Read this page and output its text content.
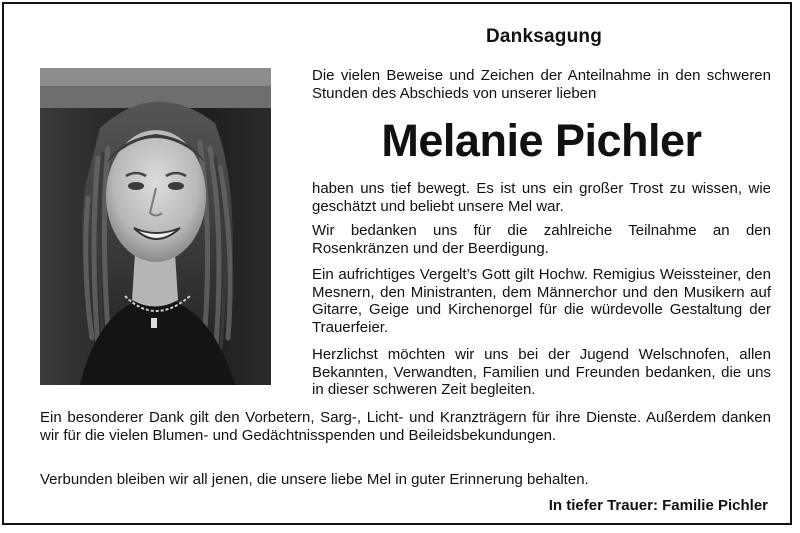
Danksagung

Die vielen Beweise und Zeichen der Anteilnahme in den schweren Stunden des Abschieds von unserer lieben

Melanie Pichler

haben uns tief bewegt. Es ist uns ein großer Trost zu wissen, wie geschätzt und beliebt unsere Mel war.

Wir bedanken uns für die zahlreiche Teilnahme an den Rosenkränzen und der Beerdigung.

Ein aufrichtiges Vergelt’s Gott gilt Hochw. Remigius Weissteiner, den Mesnern, den Ministranten, dem Männerchor und den Musikern auf Gitarre, Geige und Kirchenorgel für die würdevolle Gestaltung der Trauerfeier.

Herzlichst möchten wir uns bei der Jugend Welschnofen, allen Bekannten, Verwandten, Familien und Freunden bedanken, die uns in dieser schweren Zeit begleiten.

Ein besonderer Dank gilt den Vorbetern, Sarg-, Licht- und Kranzträgern für ihre Dienste. Außerdem danken wir für die vielen Blumen- und Gedächtnisspenden und Beileidsbekundungen.

Verbunden bleiben wir all jenen, die unsere liebe Mel in guter Erinnerung behalten.

In tiefer Trauer: Familie Pichler
